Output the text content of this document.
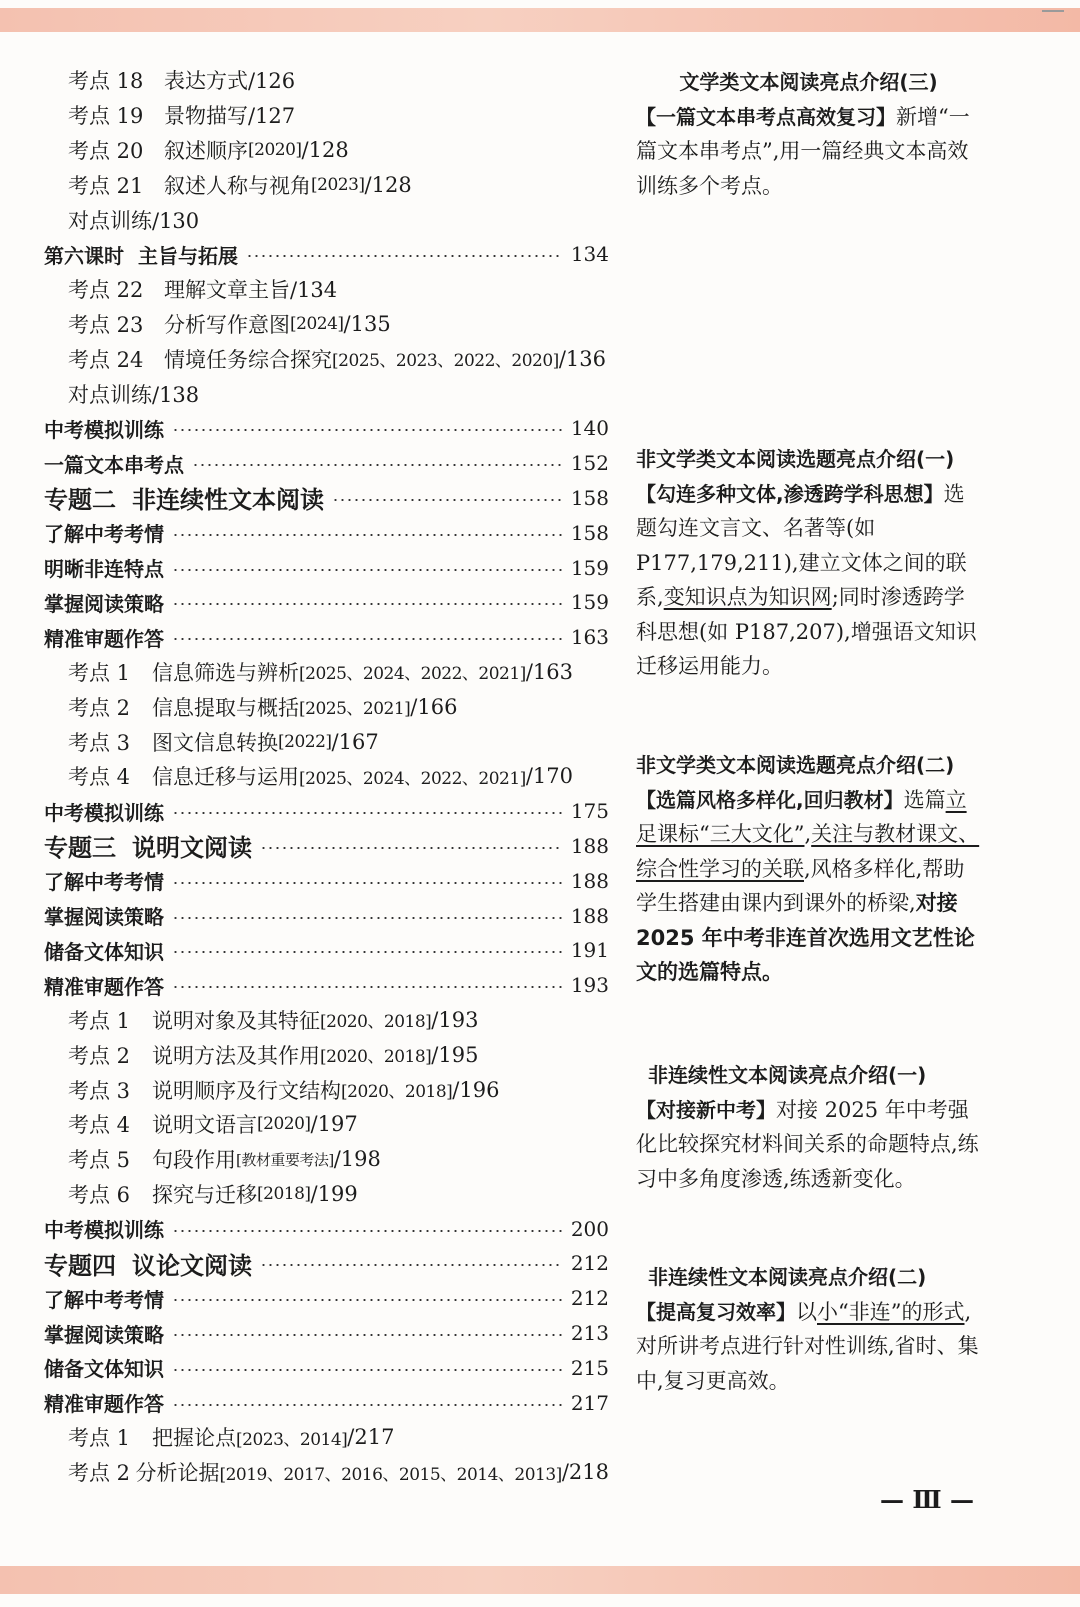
考点 18 表达方式/126
考点 19 景物描写/127
考点 20 叙述顺序 [2020] /128
考点 21 叙述人称与视角 [2023] /128
对点训练/130
第六课时 主旨与拓展	134
考点 22 理解文章主旨/134
考点 23 分析写作意图 [2024] /135
考点 24 情境任务综合探究 [2025、2023、2022、2020] /136
对点训练/138
中考模拟训练	140
一篇文本串考点	152
专题二 非连续性文本阅读	158
了解中考考情	158
明晰非连特点	159
掌握阅读策略	159
精准审题作答	163
考点 1	信息筛选与辨析 [2025、2024、2022、2021] /163
考点 2	信息提取与概括 [2025、2021] /166
考点 3	图文信息转换 [2022] /167
考点 4	信息迁移与运用 [2025、2024、2022、2021] /170
中考模拟训练	175
专题三 说明文阅读	188
了解中考考情	188
掌握阅读策略	188
储备文体知识	191
精准审题作答	193
考点 1	说明对象及其特征 [2020、2018] /193
考点 2	说明方法及其作用 [2020、2018] /195
考点 3	说明顺序及行文结构 [2020、2018] /196
考点 4	说明文语言 [2020] /197
考点 5	句段作用 [教材重要考法] /198
考点 6	探究与迁移 [2018] /199
中考模拟训练	200
专题四 议论文阅读	212
了解中考考情	212
掌握阅读策略	213
储备文体知识	215
精准审题作答	217
考点 1	把握论点 [2023、2014] /217
考点 2 分析论据 [2019、2017、2016、2015、2014、2013] /218

文学类文本阅读亮点介绍(三)

【一篇文本串考点高效复习】新增“一篇文本串考点”,用一篇经典文本高效训练多个考点。

非文学类文本阅读选题亮点介绍(一)

【勾连多种文体,渗透跨学科思想】选题勾连文言文、名著等(如 P177,179,211),建立文体之间的联系,变知识点为知识网;同时渗透跨学科思想(如 P187,207),增强语文知识迁移运用能力。

非文学类文本阅读选题亮点介绍(二)

【选篇风格多样化,回归教材】选篇立足课标“三大文化”,关注与教材课文、综合性学习的关联,风格多样化,帮助学生搭建由课内到课外的桥梁,对接 2025 年中考非连首次选用文艺性论文的选篇特点。

非连续性文本阅读亮点介绍(一)

【对接新中考】对接 2025 年中考强化比较探究材料间关系的命题特点,练习中多角度渗透,练透新变化。

非连续性文本阅读亮点介绍(二)

【提高复习效率】以小“非连”的形式,对所讲考点进行针对性训练,省时、集中,复习更高效。

— Ⅲ —
